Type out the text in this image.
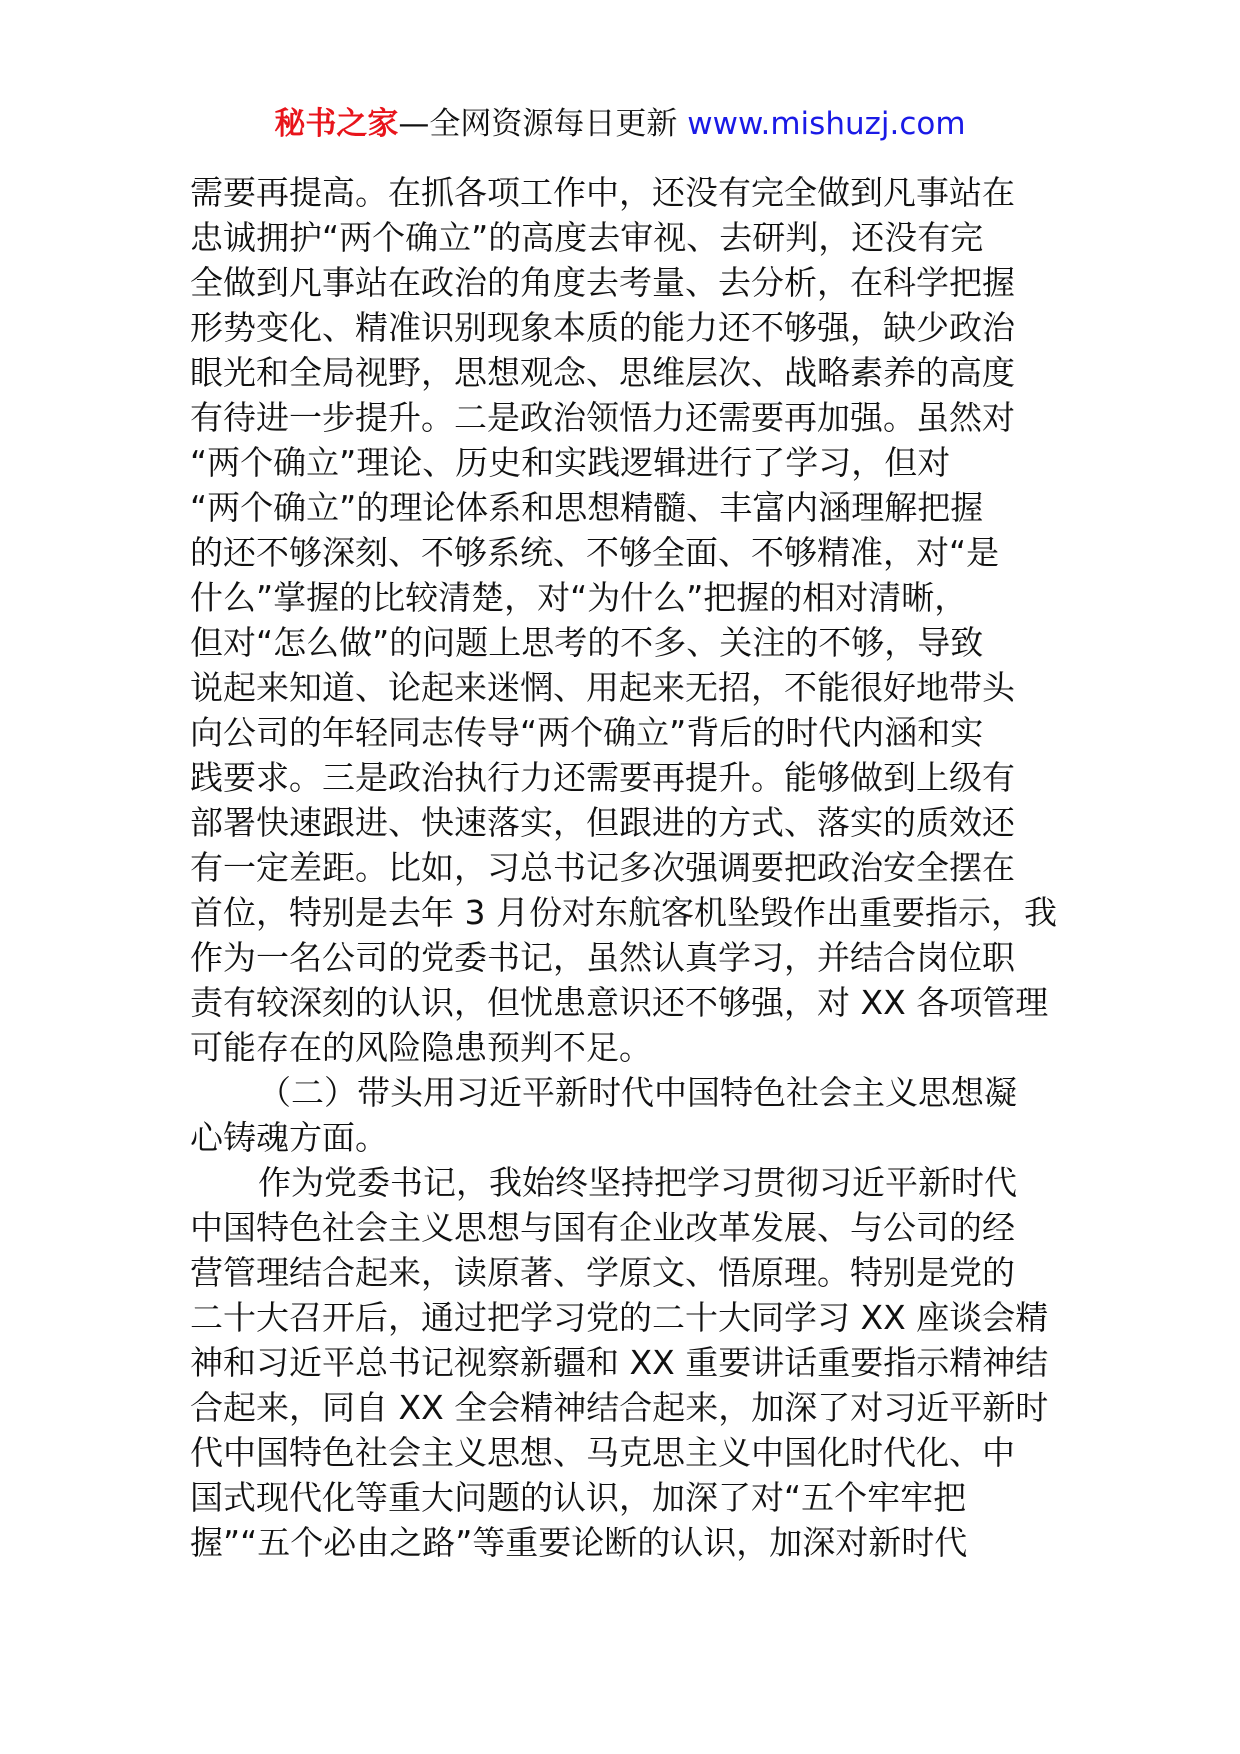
秘书之家—全网资源每日更新 www.mishuzj.com
需要再提高。在抓各项工作中，还没有完全做到凡事站在
忠诚拥护“两个确立”的高度去审视、去研判，还没有完
全做到凡事站在政治的角度去考量、去分析，在科学把握
形势变化、精准识别现象本质的能力还不够强，缺少政治
眼光和全局视野，思想观念、思维层次、战略素养的高度
有待进一步提升。二是政治领悟力还需要再加强。虽然对
“两个确立”理论、历史和实践逻辑进行了学习，但对
“两个确立”的理论体系和思想精髓、丰富内涵理解把握
的还不够深刻、不够系统、不够全面、不够精准，对“是
什么”掌握的比较清楚，对“为什么”把握的相对清晰，
但对“怎么做”的问题上思考的不多、关注的不够，导致
说起来知道、论起来迷惘、用起来无招，不能很好地带头
向公司的年轻同志传导“两个确立”背后的时代内涵和实
践要求。三是政治执行力还需要再提升。能够做到上级有
部署快速跟进、快速落实，但跟进的方式、落实的质效还
有一定差距。比如，习总书记多次强调要把政治安全摆在
首位，特别是去年 3 月份对东航客机坠毁作出重要指示，我
作为一名公司的党委书记，虽然认真学习，并结合岗位职
责有较深刻的认识，但忧患意识还不够强，对 XX 各项管理
可能存在的风险隐患预判不足。
（二）带头用习近平新时代中国特色社会主义思想凝
心铸魂方面。
作为党委书记，我始终坚持把学习贯彻习近平新时代
中国特色社会主义思想与国有企业改革发展、与公司的经
营管理结合起来，读原著、学原文、悟原理。特别是党的
二十大召开后，通过把学习党的二十大同学习 XX 座谈会精
神和习近平总书记视察新疆和 XX 重要讲话重要指示精神结
合起来，同自 XX 全会精神结合起来，加深了对习近平新时
代中国特色社会主义思想、马克思主义中国化时代化、中
国式现代化等重大问题的认识，加深了对“五个牢牢把
握”“五个必由之路”等重要论断的认识，加深对新时代
